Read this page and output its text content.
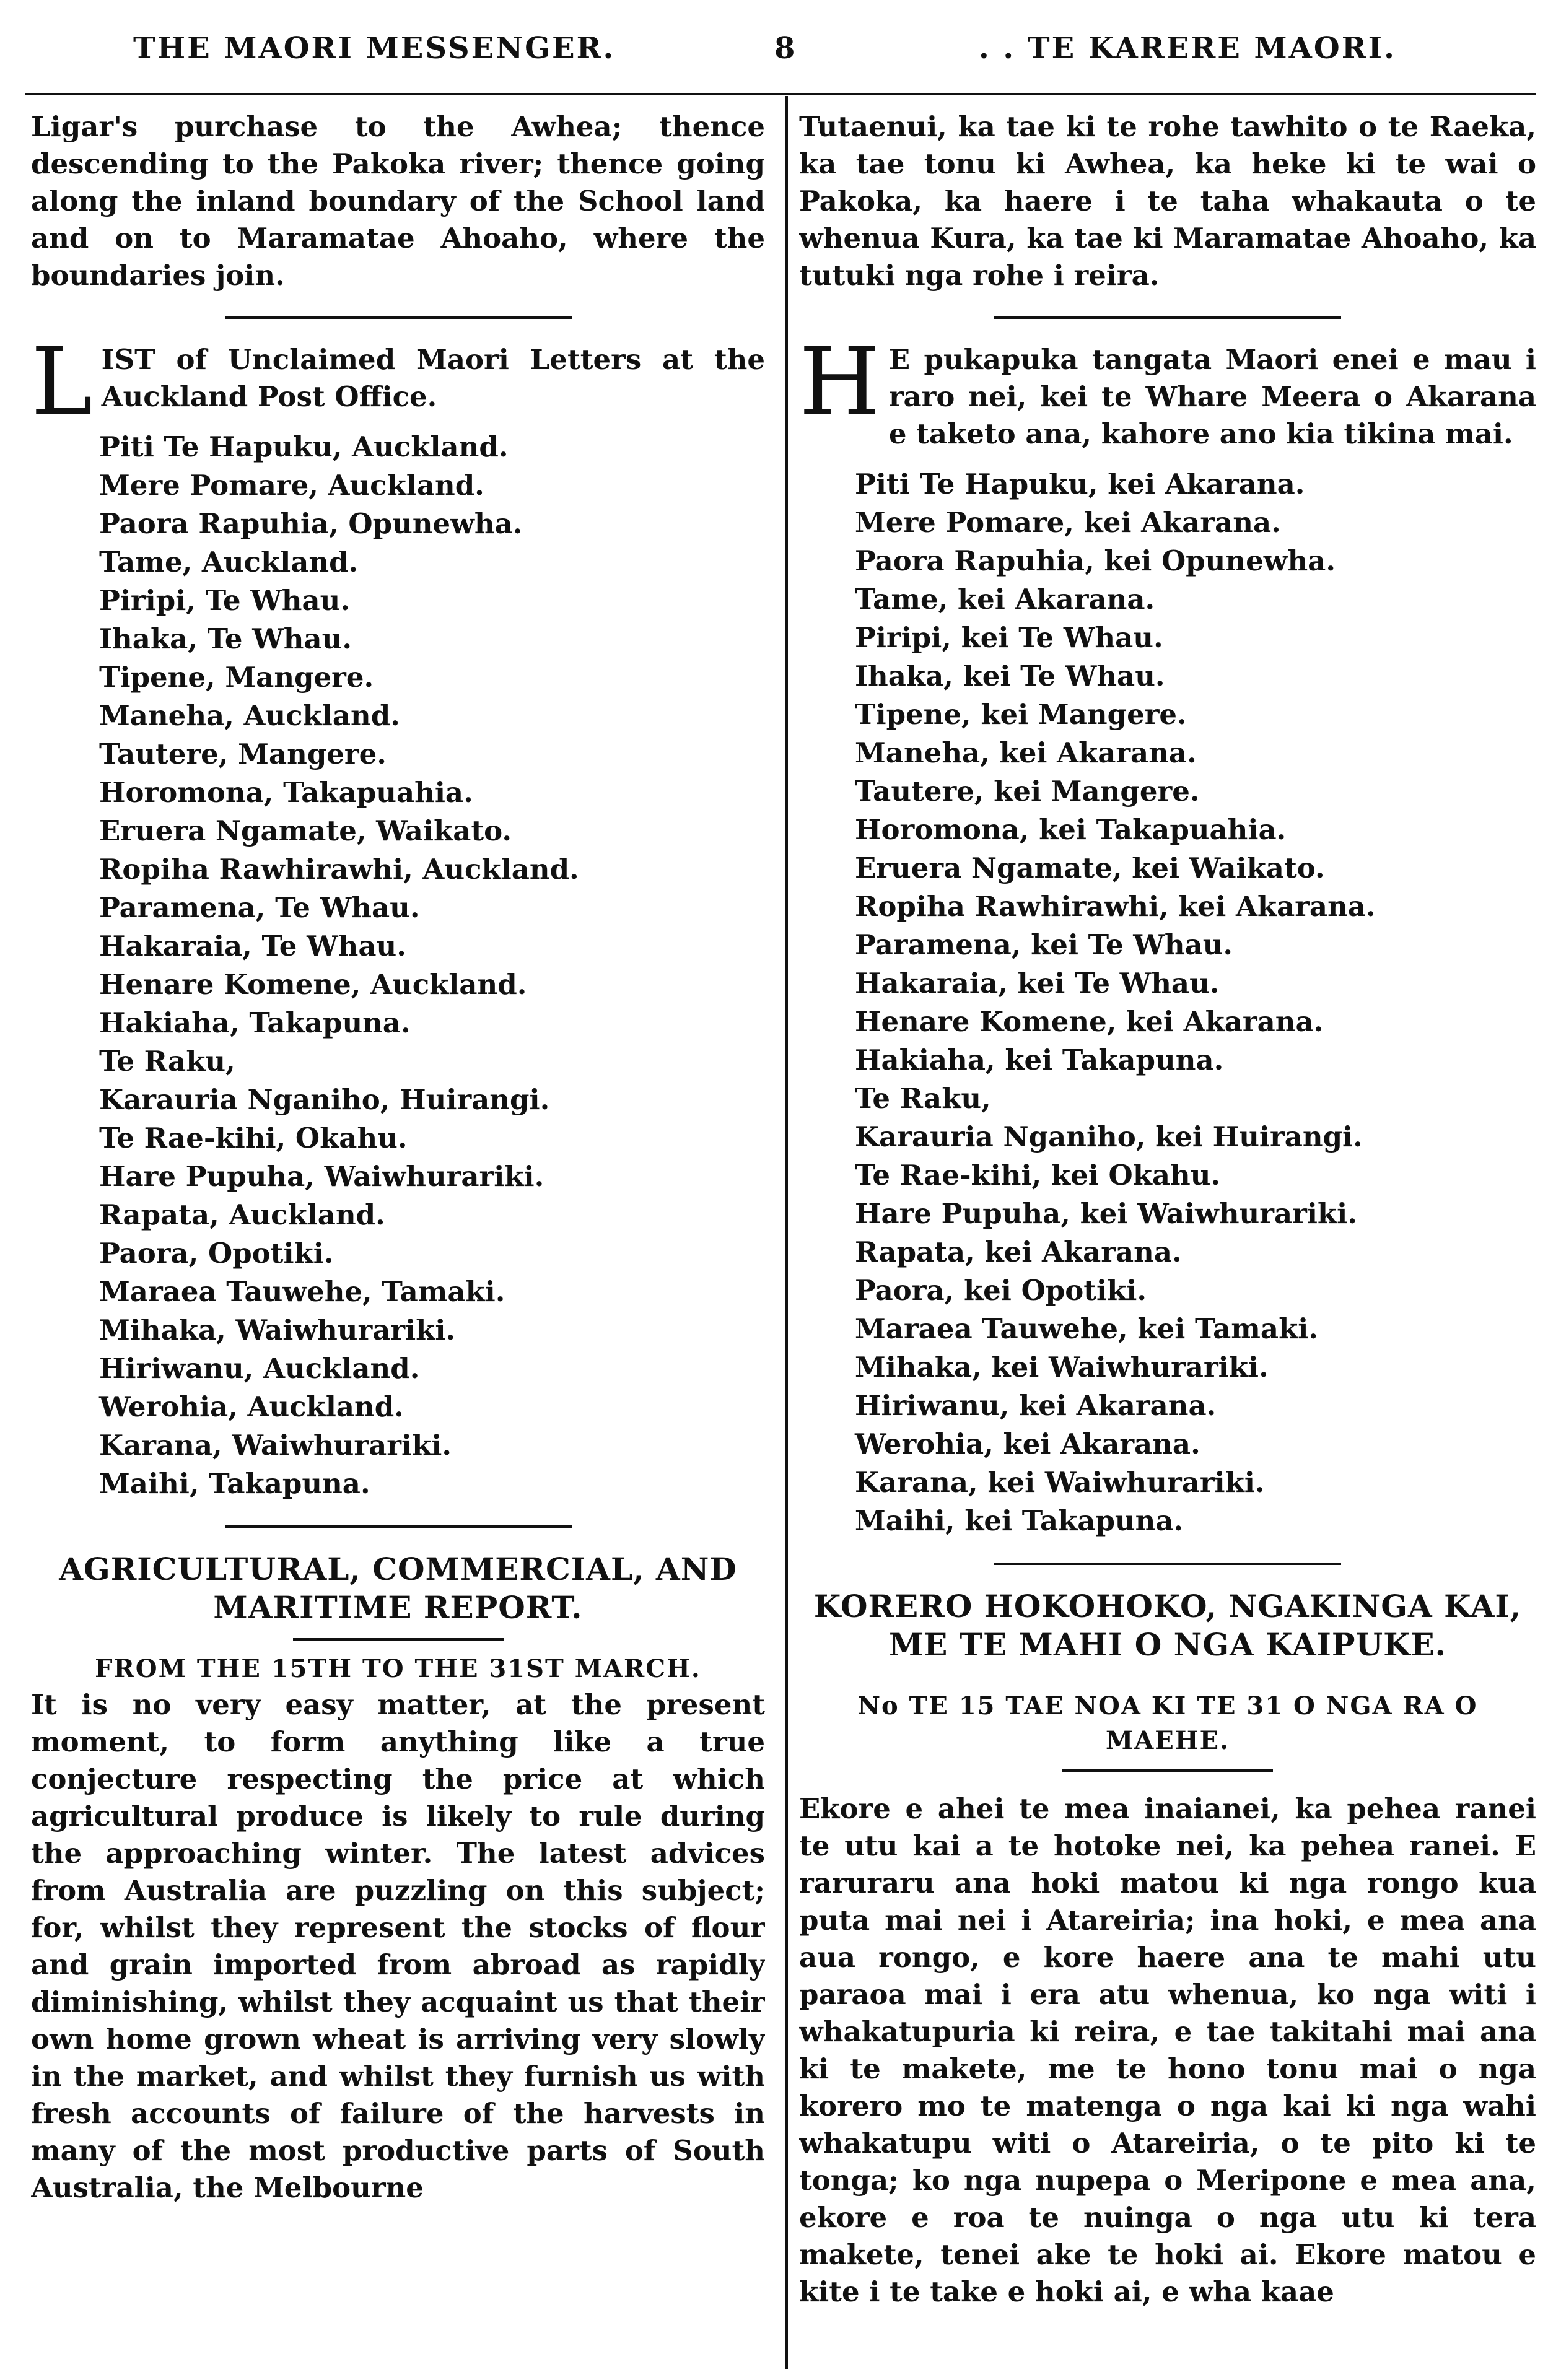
THE MAORI MESSENGER.	8	. . TE KARERE MAORI.

Ligar's purchase to the Awhea; thence descending to the Pakoka river; thence going along the inland boundary of the School land and on to Maramatae Ahoaho, where the boundaries join.

L IST of Unclaimed Maori Letters at the Auckland Post Office.

Piti Te Hapuku, Auckland.
Mere Pomare, Auckland.
Paora Rapuhia, Opunewha.
Tame, Auckland.
Piripi, Te Whau.
Ihaka, Te Whau.
Tipene, Mangere.
Maneha, Auckland.
Tautere, Mangere.
Horomona, Takapuahia.
Eruera Ngamate, Waikato.
Ropiha Rawhirawhi, Auckland.
Paramena, Te Whau.
Hakaraia, Te Whau.
Henare Komene, Auckland.
Hakiaha, Takapuna.
Te Raku,
Karauria Nganiho, Huirangi.
Te Rae-kihi, Okahu.
Hare Pupuha, Waiwhurariki.
Rapata, Auckland.
Paora, Opotiki.
Maraea Tauwehe, Tamaki.
Mihaka, Waiwhurariki.
Hiriwanu, Auckland.
Werohia, Auckland.
Karana, Waiwhurariki.
Maihi, Takapuna.

AGRICULTURAL, COMMERCIAL, AND MARITIME REPORT.

FROM THE 15TH TO THE 31ST MARCH.

It is no very easy matter, at the present moment, to form anything like a true conjecture respecting the price at which agricultural produce is likely to rule during the approaching winter. The latest advices from Australia are puzzling on this subject; for, whilst they represent the stocks of flour and grain imported from abroad as rapidly diminishing, whilst they acquaint us that their own home grown wheat is arriving very slowly in the market, and whilst they furnish us with fresh accounts of failure of the harvests in many of the most productive parts of South Australia, the Melbourne

Tutaenui, ka tae ki te rohe tawhito o te Raeka, ka tae tonu ki Awhea, ka heke ki te wai o Pakoka, ka haere i te taha whakauta o te whenua Kura, ka tae ki Maramatae Ahoaho, ka tutuki nga rohe i reira.

H E pukapuka tangata Maori enei e mau i raro nei, kei te Whare Meera o Akarana e taketo ana, kahore ano kia tikina mai.

Piti Te Hapuku, kei Akarana.
Mere Pomare, kei Akarana.
Paora Rapuhia, kei Opunewha.
Tame, kei Akarana.
Piripi, kei Te Whau.
Ihaka, kei Te Whau.
Tipene, kei Mangere.
Maneha, kei Akarana.
Tautere, kei Mangere.
Horomona, kei Takapuahia.
Eruera Ngamate, kei Waikato.
Ropiha Rawhirawhi, kei Akarana.
Paramena, kei Te Whau.
Hakaraia, kei Te Whau.
Henare Komene, kei Akarana.
Hakiaha, kei Takapuna.
Te Raku,
Karauria Nganiho, kei Huirangi.
Te Rae-kihi, kei Okahu.
Hare Pupuha, kei Waiwhurariki.
Rapata, kei Akarana.
Paora, kei Opotiki.
Maraea Tauwehe, kei Tamaki.
Mihaka, kei Waiwhurariki.
Hiriwanu, kei Akarana.
Werohia, kei Akarana.
Karana, kei Waiwhurariki.
Maihi, kei Takapuna.

KORERO HOKOHOKO, NGAKINGA KAI, ME TE MAHI O NGA KAIPUKE.

No TE 15 TAE NOA KI TE 31 O NGA RA O MAEHE.

Ekore e ahei te mea inaianei, ka pehea ranei te utu kai a te hotoke nei, ka pehea ranei. E raruraru ana hoki matou ki nga rongo kua puta mai nei i Atareiria; ina hoki, e mea ana aua rongo, e kore haere ana te mahi utu paraoa mai i era atu whenua, ko nga witi i whakatupuria ki reira, e tae takitahi mai ana ki te makete, me te hono tonu mai o nga korero mo te matenga o nga kai ki nga wahi whakatupu witi o Atareiria, o te pito ki te tonga; ko nga nupepa o Meripone e mea ana, ekore e roa te nuinga o nga utu ki tera makete, tenei ake te hoki ai. Ekore matou e kite i te take e hoki ai, e wha kaae
